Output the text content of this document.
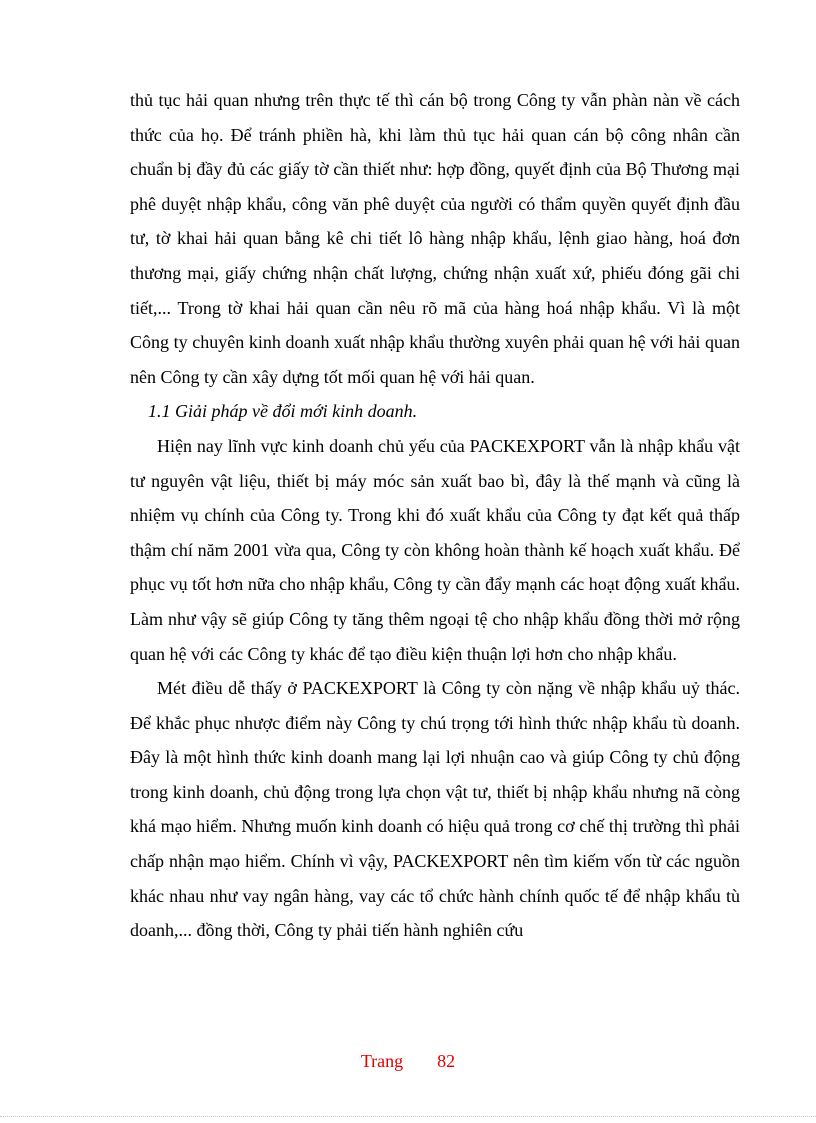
thủ tục hải quan nhưng trên thực tế thì cán bộ trong Công ty vẫn phàn nàn về cách thức của họ. Để tránh phiền hà, khi làm thủ tục hải quan cán bộ công nhân cần chuẩn bị đầy đủ các giấy tờ cần thiết như: hợp đồng, quyết định của Bộ Thương mại phê duyệt nhập khẩu, công văn phê duyệt của người có thẩm quyền quyết định đầu tư, tờ khai hải quan bằng kê chi tiết lô hàng nhập khẩu, lệnh giao hàng, hoá đơn thương mại, giấy chứng nhận chất lượng, chứng nhận xuất xứ, phiếu đóng gãi chi tiết,... Trong tờ khai hải quan cần nêu rõ mã của hàng hoá nhập khẩu. Vì là một Công ty chuyên kinh doanh xuất nhập khẩu thường xuyên phải quan hệ với hải quan nên Công ty cần xây dựng tốt mối quan hệ với hải quan.

1.1 Giải pháp về đổi mới kinh doanh.

Hiện nay lĩnh vực kinh doanh chủ yếu của PACKEXPORT vẫn là nhập khẩu vật tư nguyên vật liệu, thiết bị máy móc sản xuất bao bì, đây là thế mạnh và cũng là nhiệm vụ chính của Công ty. Trong khi đó xuất khẩu của Công ty đạt kết quả thấp thậm chí năm 2001 vừa qua, Công ty còn không hoàn thành kế hoạch xuất khẩu. Để phục vụ tốt hơn nữa cho nhập khẩu, Công ty cần đẩy mạnh các hoạt động xuất khẩu. Làm như vậy sẽ giúp Công ty tăng thêm ngoại tệ cho nhập khẩu đồng thời mở rộng quan hệ với các Công ty khác để tạo điều kiện thuận lợi hơn cho nhập khẩu.

Mét điều dễ thấy ở PACKEXPORT là Công ty còn nặng về nhập khẩu uỷ thác. Để khắc phục nhược điểm này Công ty chú trọng tới hình thức nhập khẩu tù doanh. Đây là một hình thức kinh doanh mang lại lợi nhuận cao và giúp Công ty chủ động trong kinh doanh, chủ động trong lựa chọn vật tư, thiết bị nhập khẩu nhưng nã còng khá mạo hiểm. Nhưng muốn kinh doanh có hiệu quả trong cơ chế thị trường thì phải chấp nhận mạo hiểm. Chính vì vậy, PACKEXPORT nên tìm kiếm vốn từ các nguồn khác nhau như vay ngân hàng, vay các tổ chức hành chính quốc tế để nhập khẩu tù doanh,... đồng thời, Công ty phải tiến hành nghiên cứu

Trang 82
